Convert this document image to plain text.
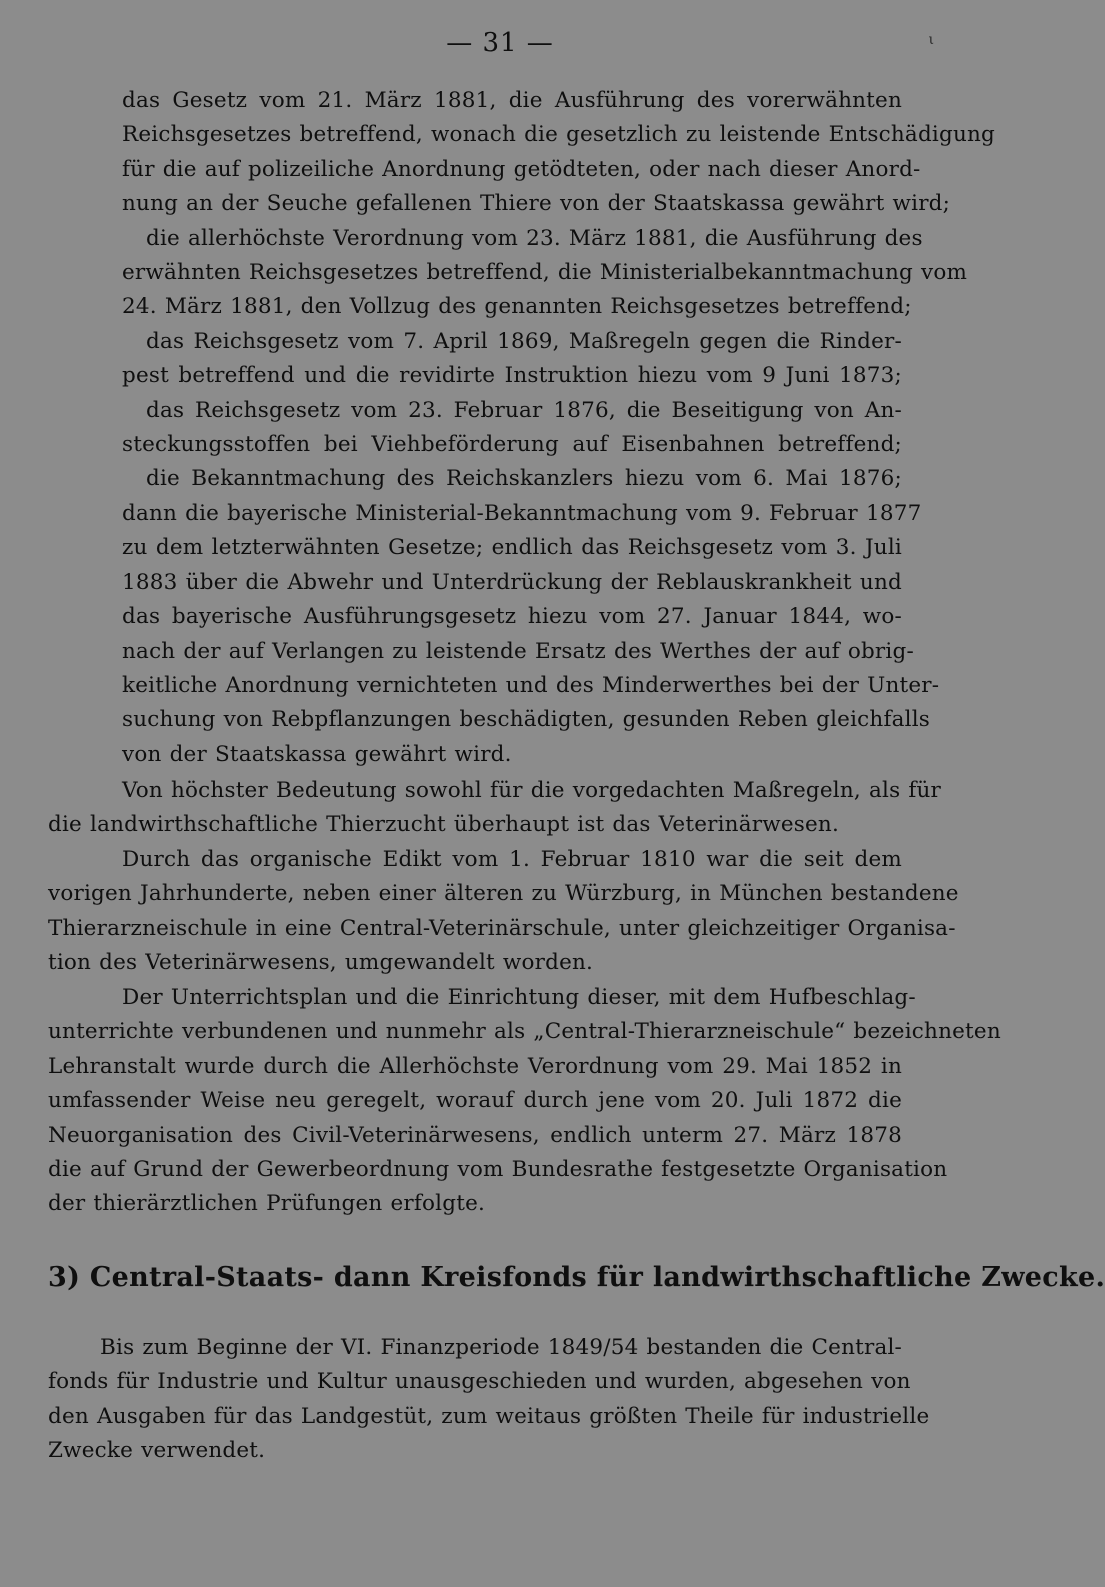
— 31 —	ι
das Gesetz vom 21. März 1881, die Ausführung des vorerwähnten
Reichsgesetzes betreffend, wonach die gesetzlich zu leistende Entschädigung
für die auf polizeiliche Anordnung getödteten, oder nach dieser Anord-
nung an der Seuche gefallenen Thiere von der Staatskassa gewährt wird;
die allerhöchste Verordnung vom 23. März 1881, die Ausführung des
erwähnten Reichsgesetzes betreffend, die Ministerialbekanntmachung vom
24. März 1881, den Vollzug des genannten Reichsgesetzes betreffend;
das Reichsgesetz vom 7. April 1869, Maßregeln gegen die Rinder-
pest betreffend und die revidirte Instruktion hiezu vom 9 Juni 1873;
das Reichsgesetz vom 23. Februar 1876, die Beseitigung von An-
steckungsstoffen bei Viehbeförderung auf Eisenbahnen betreffend;
die Bekanntmachung des Reichskanzlers hiezu vom 6. Mai 1876;
dann die bayerische Ministerial-Bekanntmachung vom 9. Februar 1877
zu dem letzterwähnten Gesetze; endlich das Reichsgesetz vom 3. Juli
1883 über die Abwehr und Unterdrückung der Reblauskrankheit und
das bayerische Ausführungsgesetz hiezu vom 27. Januar 1844, wo-
nach der auf Verlangen zu leistende Ersatz des Werthes der auf obrig-
keitliche Anordnung vernichteten und des Minderwerthes bei der Unter-
suchung von Rebpflanzungen beschädigten, gesunden Reben gleichfalls
von der Staatskassa gewährt wird.
Von höchster Bedeutung sowohl für die vorgedachten Maßregeln, als für
die landwirthschaftliche Thierzucht überhaupt ist das Veterinärwesen.
Durch das organische Edikt vom 1. Februar 1810 war die seit dem
vorigen Jahrhunderte, neben einer älteren zu Würzburg, in München bestandene
Thierarzneischule in eine Central-Veterinärschule, unter gleichzeitiger Organisa-
tion des Veterinärwesens, umgewandelt worden.
Der Unterrichtsplan und die Einrichtung dieser, mit dem Hufbeschlag-
unterrichte verbundenen und nunmehr als „Central-Thierarzneischule“ bezeichneten
Lehranstalt wurde durch die Allerhöchste Verordnung vom 29. Mai 1852 in
umfassender Weise neu geregelt, worauf durch jene vom 20. Juli 1872 die
Neuorganisation des Civil-Veterinärwesens, endlich unterm 27. März 1878
die auf Grund der Gewerbeordnung vom Bundesrathe festgesetzte Organisation
der thierärztlichen Prüfungen erfolgte.
3) Central-Staats- dann Kreisfonds für landwirthschaftliche Zwecke.
Bis zum Beginne der VI. Finanzperiode 1849/54 bestanden die Central-
fonds für Industrie und Kultur unausgeschieden und wurden, abgesehen von
den Ausgaben für das Landgestüt, zum weitaus größten Theile für industrielle
Zwecke verwendet.
